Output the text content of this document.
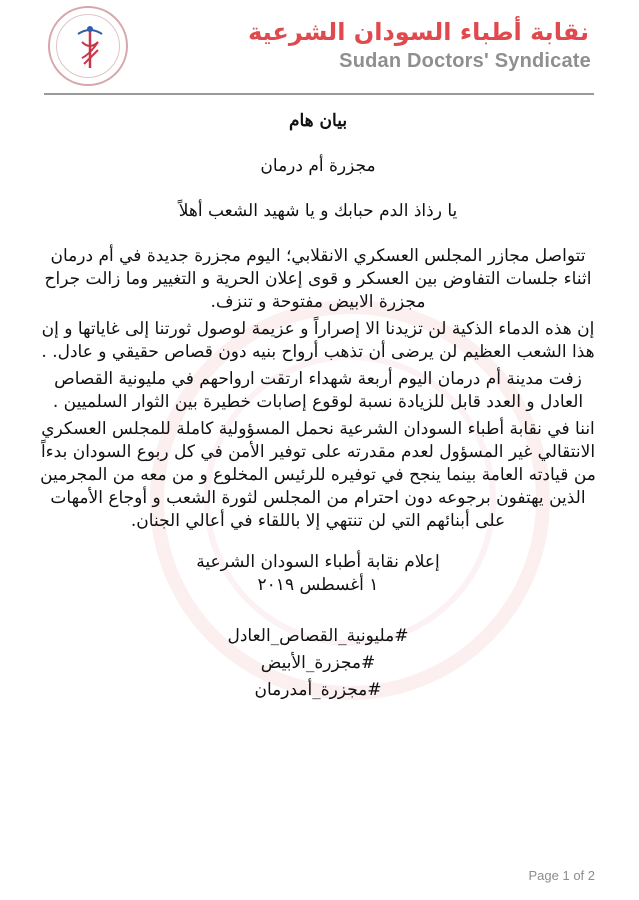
نقابة أطباء السودان الشرعية
Sudan Doctors' Syndicate
بيان هام
مجزرة أم درمان
يا رذاذ الدم حبابك و يا شهيد الشعب أهلاً

تتواصل مجازر المجلس العسكري الانقلابي؛ اليوم مجزرة جديدة في أم درمان اثناء جلسات التفاوض بين العسكر و قوى إعلان الحرية و التغيير وما زالت جراح مجزرة الابيض مفتوحة و تنزف.

إن هذه الدماء الذكية لن تزيدنا الا إصراراً و عزيمة لوصول ثورتنا إلى غاياتها و إن هذا الشعب العظيم لن يرضى أن تذهب أرواح بنيه دون قصاص حقيقي و عادل. .

زفت مدينة أم درمان اليوم أربعة شهداء ارتقت ارواحهم في مليونية القصاص العادل و العدد قابل للزيادة نسبة لوقوع إصابات خطيرة بين الثوار السلميين .

اننا في نقابة أطباء السودان الشرعية نحمل المسؤولية كاملة للمجلس العسكري الانتقالي غير المسؤول لعدم مقدرته على توفير الأمن في كل ربوع السودان بدءاً من قيادته العامة بينما ينجح في توفيره للرئيس المخلوع و من معه من المجرمين الذين يهتفون برجوعه دون احترام من المجلس لثورة الشعب و أوجاع الأمهات على أبنائهم التي لن تنتهي إلا باللقاء في أعالي الجنان.

إعلام نقابة أطباء السودان الشرعية
١ أغسطس ٢٠١٩
#مليونية_القصاص_العادل
#مجزرة_الأبيض
#مجزرة_أمدرمان
Page 1 of 2
